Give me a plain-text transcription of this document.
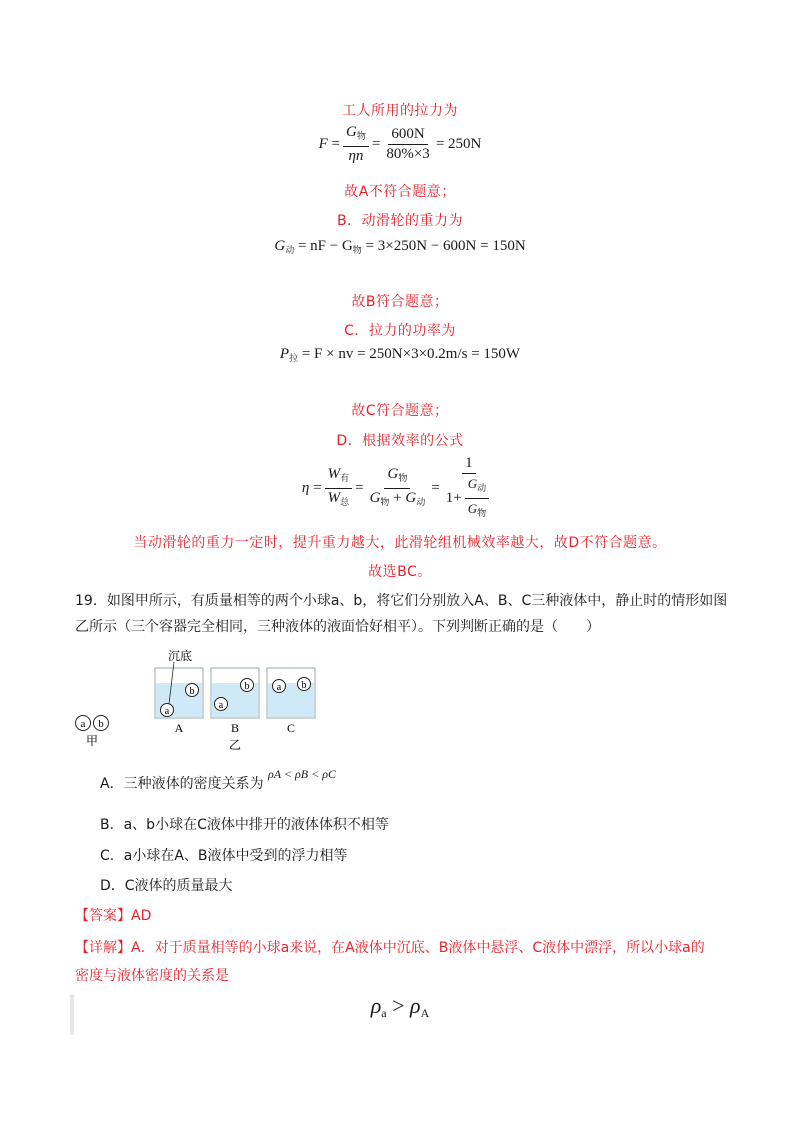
工人所用的拉力为
$F = \frac{G_物}{\eta n} = \frac{600N}{80\%\times 3} = 250N$
故A不符合题意；
B．动滑轮的重力为
$G_动$ = nF − $G_物 = 3\times 250N - 600N = 150N$
故B符合题意；
C．拉力的功率为
$P_拉 = F$ × nv = 250N×3×0.2m/s = 150W
故C符合题意；
D．根据效率的公式
$\eta = \frac{W_有}{W_总} = \frac{G_物}{G_物 + G_动} = \frac{1}{1+ \frac{G_动}{G_物}}$
当动滑轮的重力一定时，提升重力越大，此滑轮组机械效率越大，故D不符合题意。
故选BC。
19．如图甲所示，有质量相等的两个小球a、b，将它们分别放入A、B、C三种液体中，静止时的情形如图
乙所示（三个容器完全相同，三种液体的液面恰好相平）。下列判断正确的是（　　）
a b
甲
a
b
沉底
A
a
b
B
乙
a b
C
A．三种液体的密度关系为 ρA < ρB < ρC
B．a、b小球在C液体中排开的液体体积不相等
C．a小球在A、B液体中受到的浮力相等
D．C液体的质量最大
【答案】AD
【详解】A．对于质量相等的小球a来说，在A液体中沉底、B液体中悬浮、C液体中漂浮，所以小球a的
密度与液体密度的关系是
ρa > ρA
